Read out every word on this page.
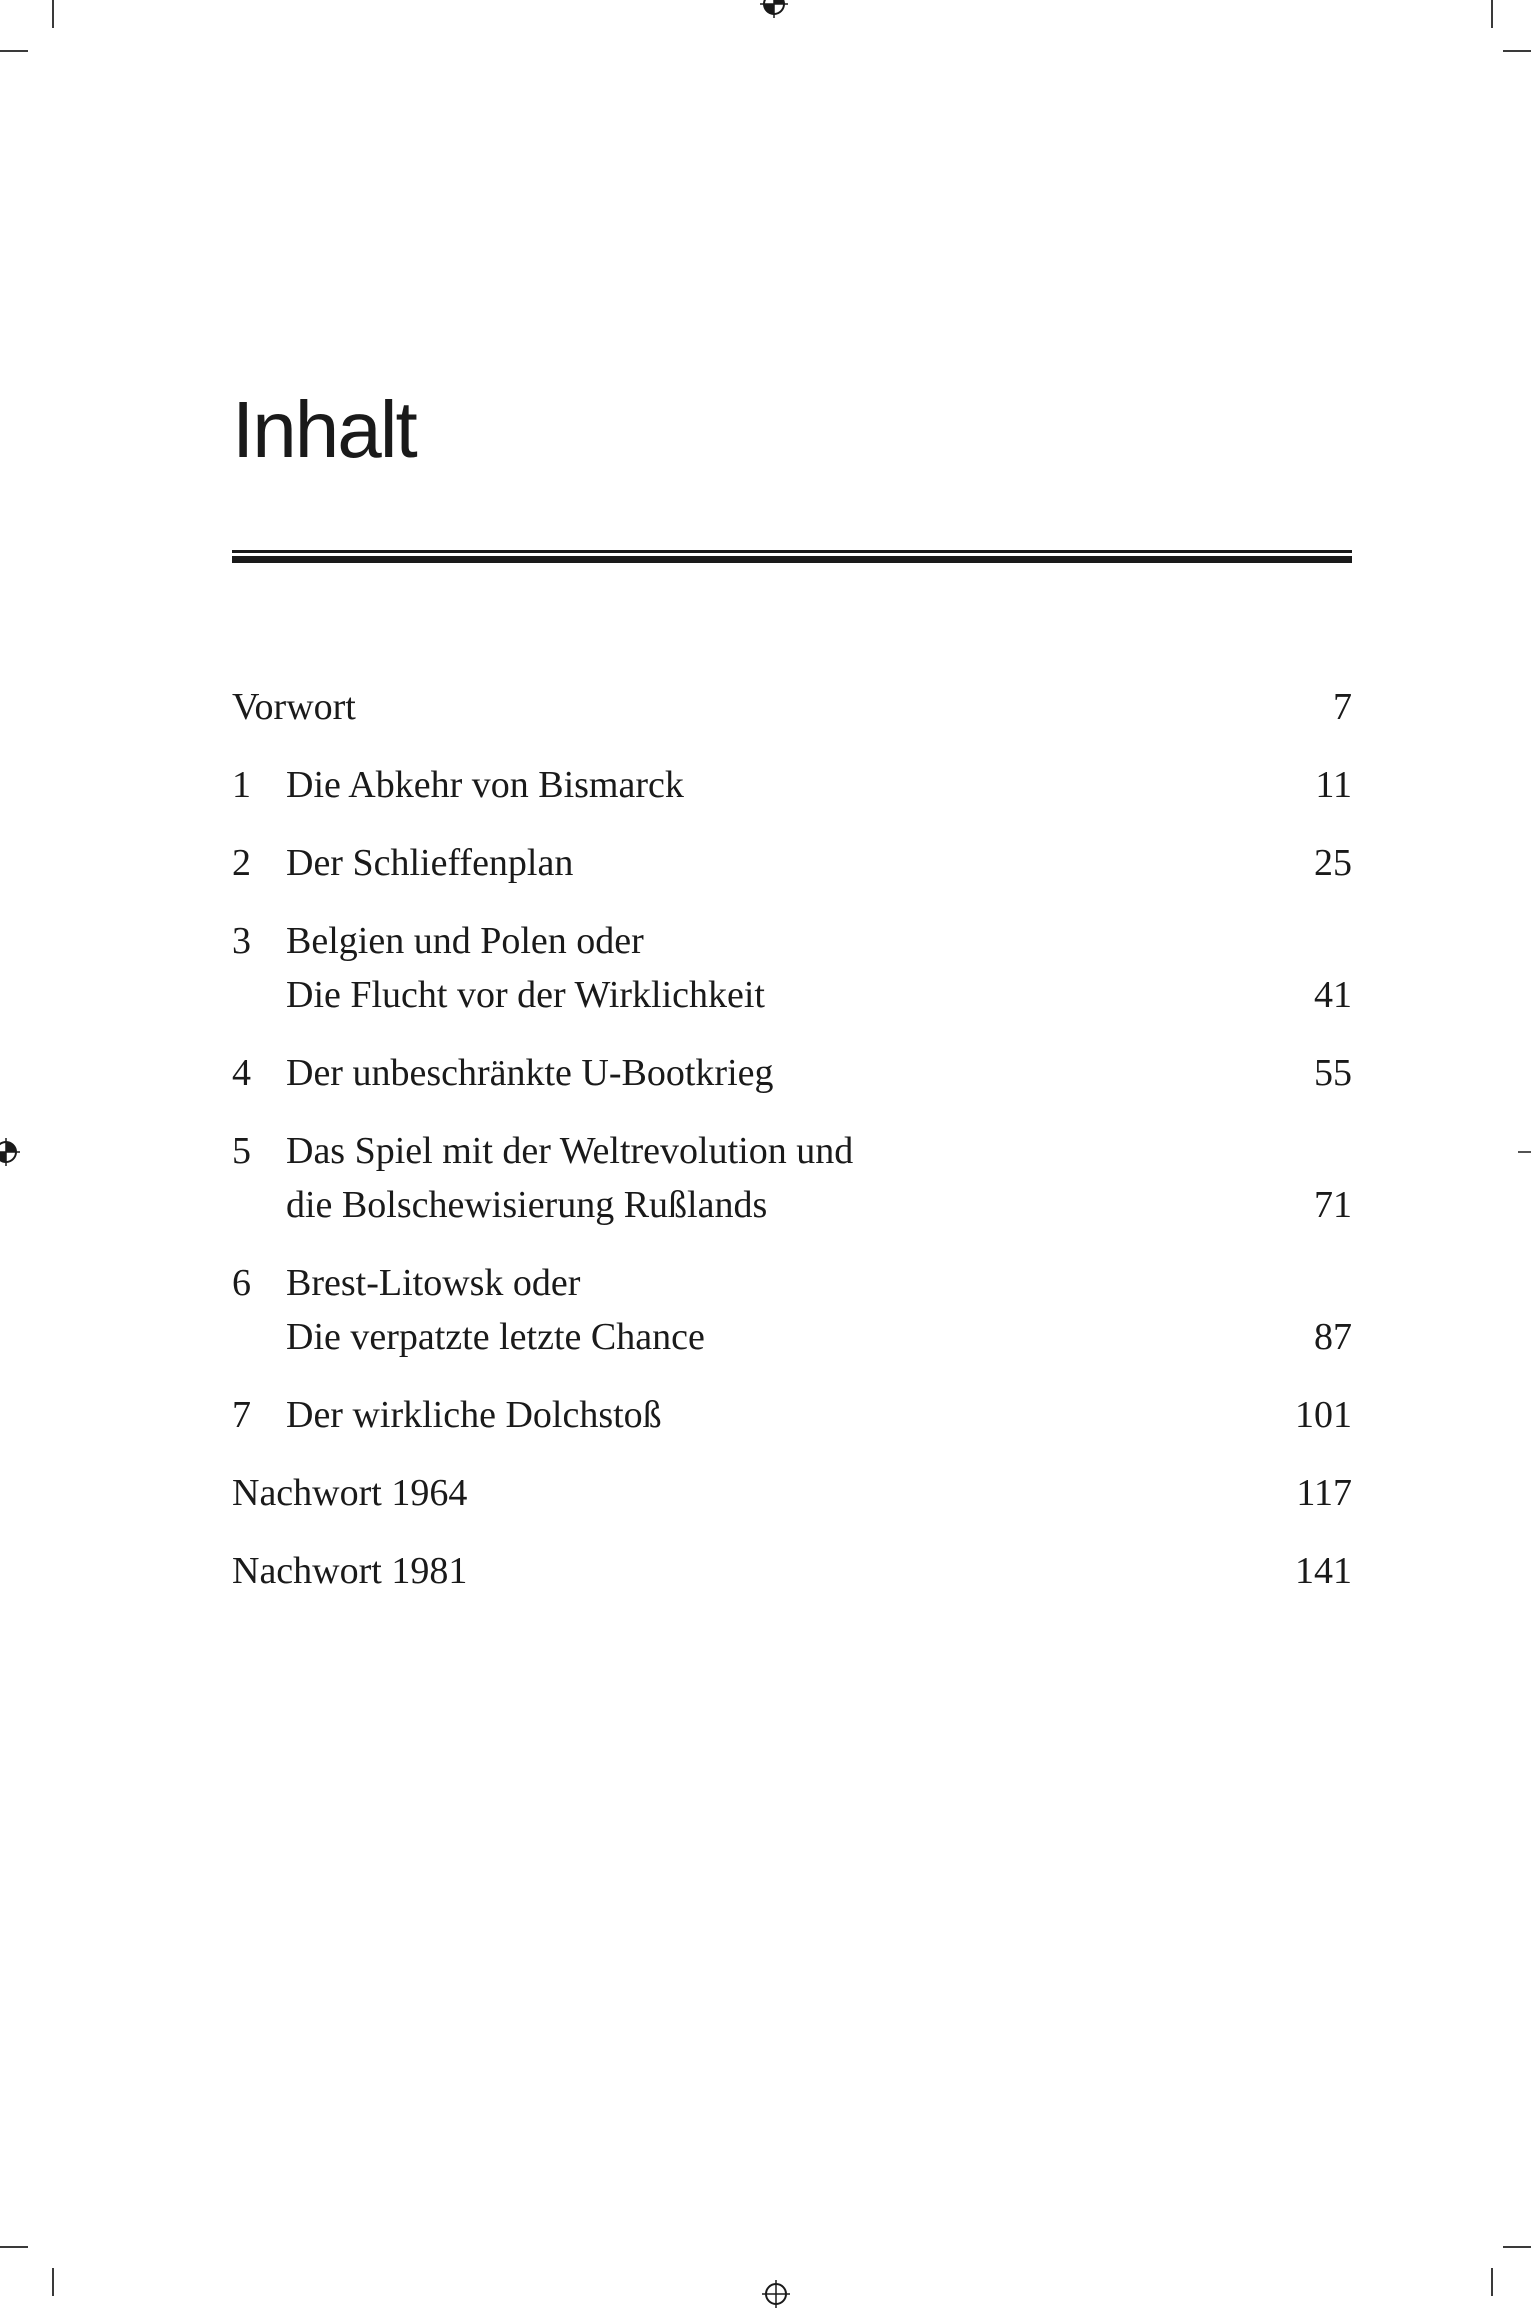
Inhalt
Vorwort	7
1 Die Abkehr von Bismarck	11
2 Der Schlieffenplan	25
3 Belgien und Polen oder
Die Flucht vor der Wirklichkeit	41
4 Der unbeschränkte U-Bootkrieg	55
5 Das Spiel mit der Weltrevolution und
die Bolschewisierung Rußlands	71
6 Brest-Litowsk oder
Die verpatzte letzte Chance	87
7 Der wirkliche Dolchstoß	101
Nachwort 1964	117
Nachwort 1981	141
